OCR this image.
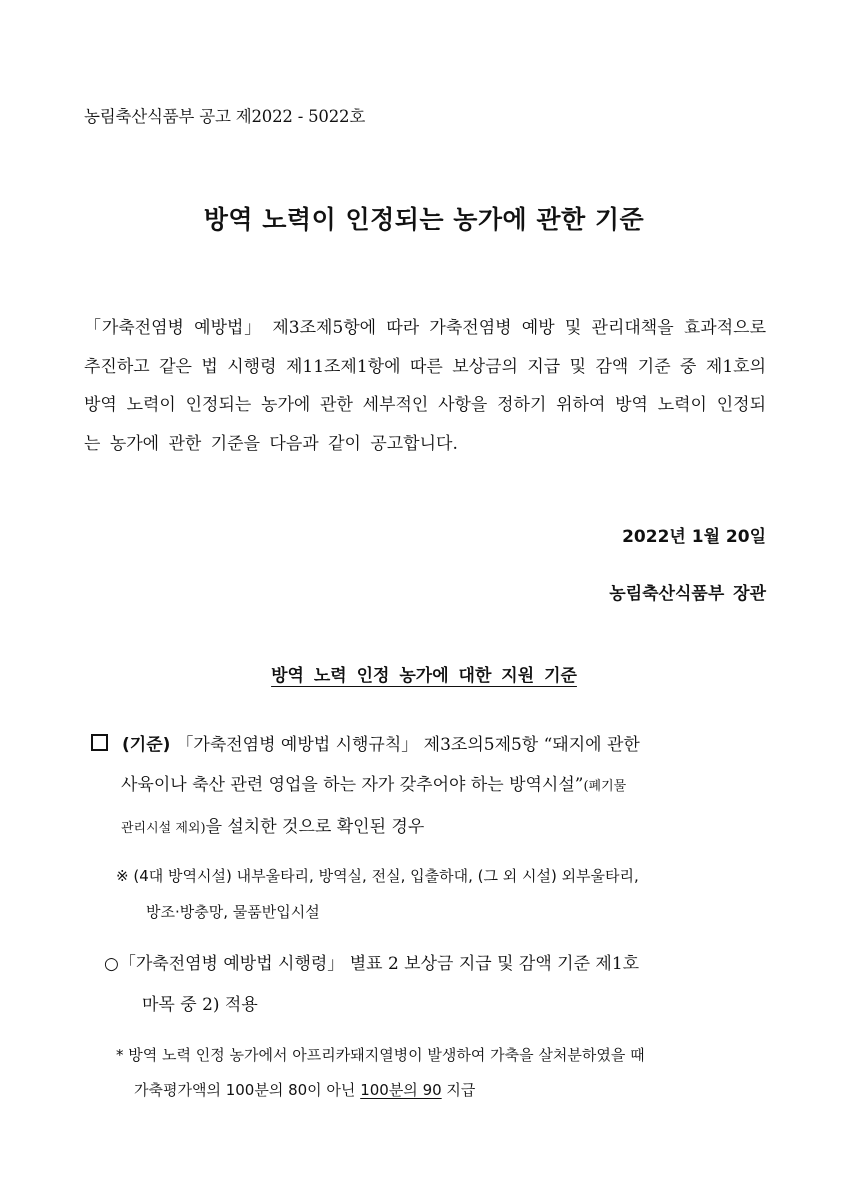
농림축산식품부 공고 제2022 - 5022호
방역 노력이 인정되는 농가에 관한 기준
「가축전염병 예방법」 제3조제5항에 따라 가축전염병 예방 및 관리대책을 효과적으로 추진하고 같은 법 시행령 제11조제1항에 따른 보상금의 지급 및 감액 기준 중 제1호의 방역 노력이 인정되는 농가에 관한 세부적인 사항을 정하기 위하여 방역 노력이 인정되는 농가에 관한 기준을 다음과 같이 공고합니다.
2022년 1월 20일
농림축산식품부 장관
방역 노력 인정 농가에 대한 지원 기준
(기준) 「가축전염병 예방법 시행규칙」 제3조의5제5항 “돼지에 관한
사육이나 축산 관련 영업을 하는 자가 갖추어야 하는 방역시설”(폐기물
관리시설 제외)을 설치한 것으로 확인된 경우
※ (4대 방역시설) 내부울타리, 방역실, 전실, 입출하대, (그 외 시설) 외부울타리,
방조·방충망, 물품반입시설
○「가축전염병 예방법 시행령」 별표 2 보상금 지급 및 감액 기준 제1호
마목 중 2) 적용
* 방역 노력 인정 농가에서 아프리카돼지열병이 발생하여 가축을 살처분하였을 때
가축평가액의 100분의 80이 아닌 100분의 90 지급
